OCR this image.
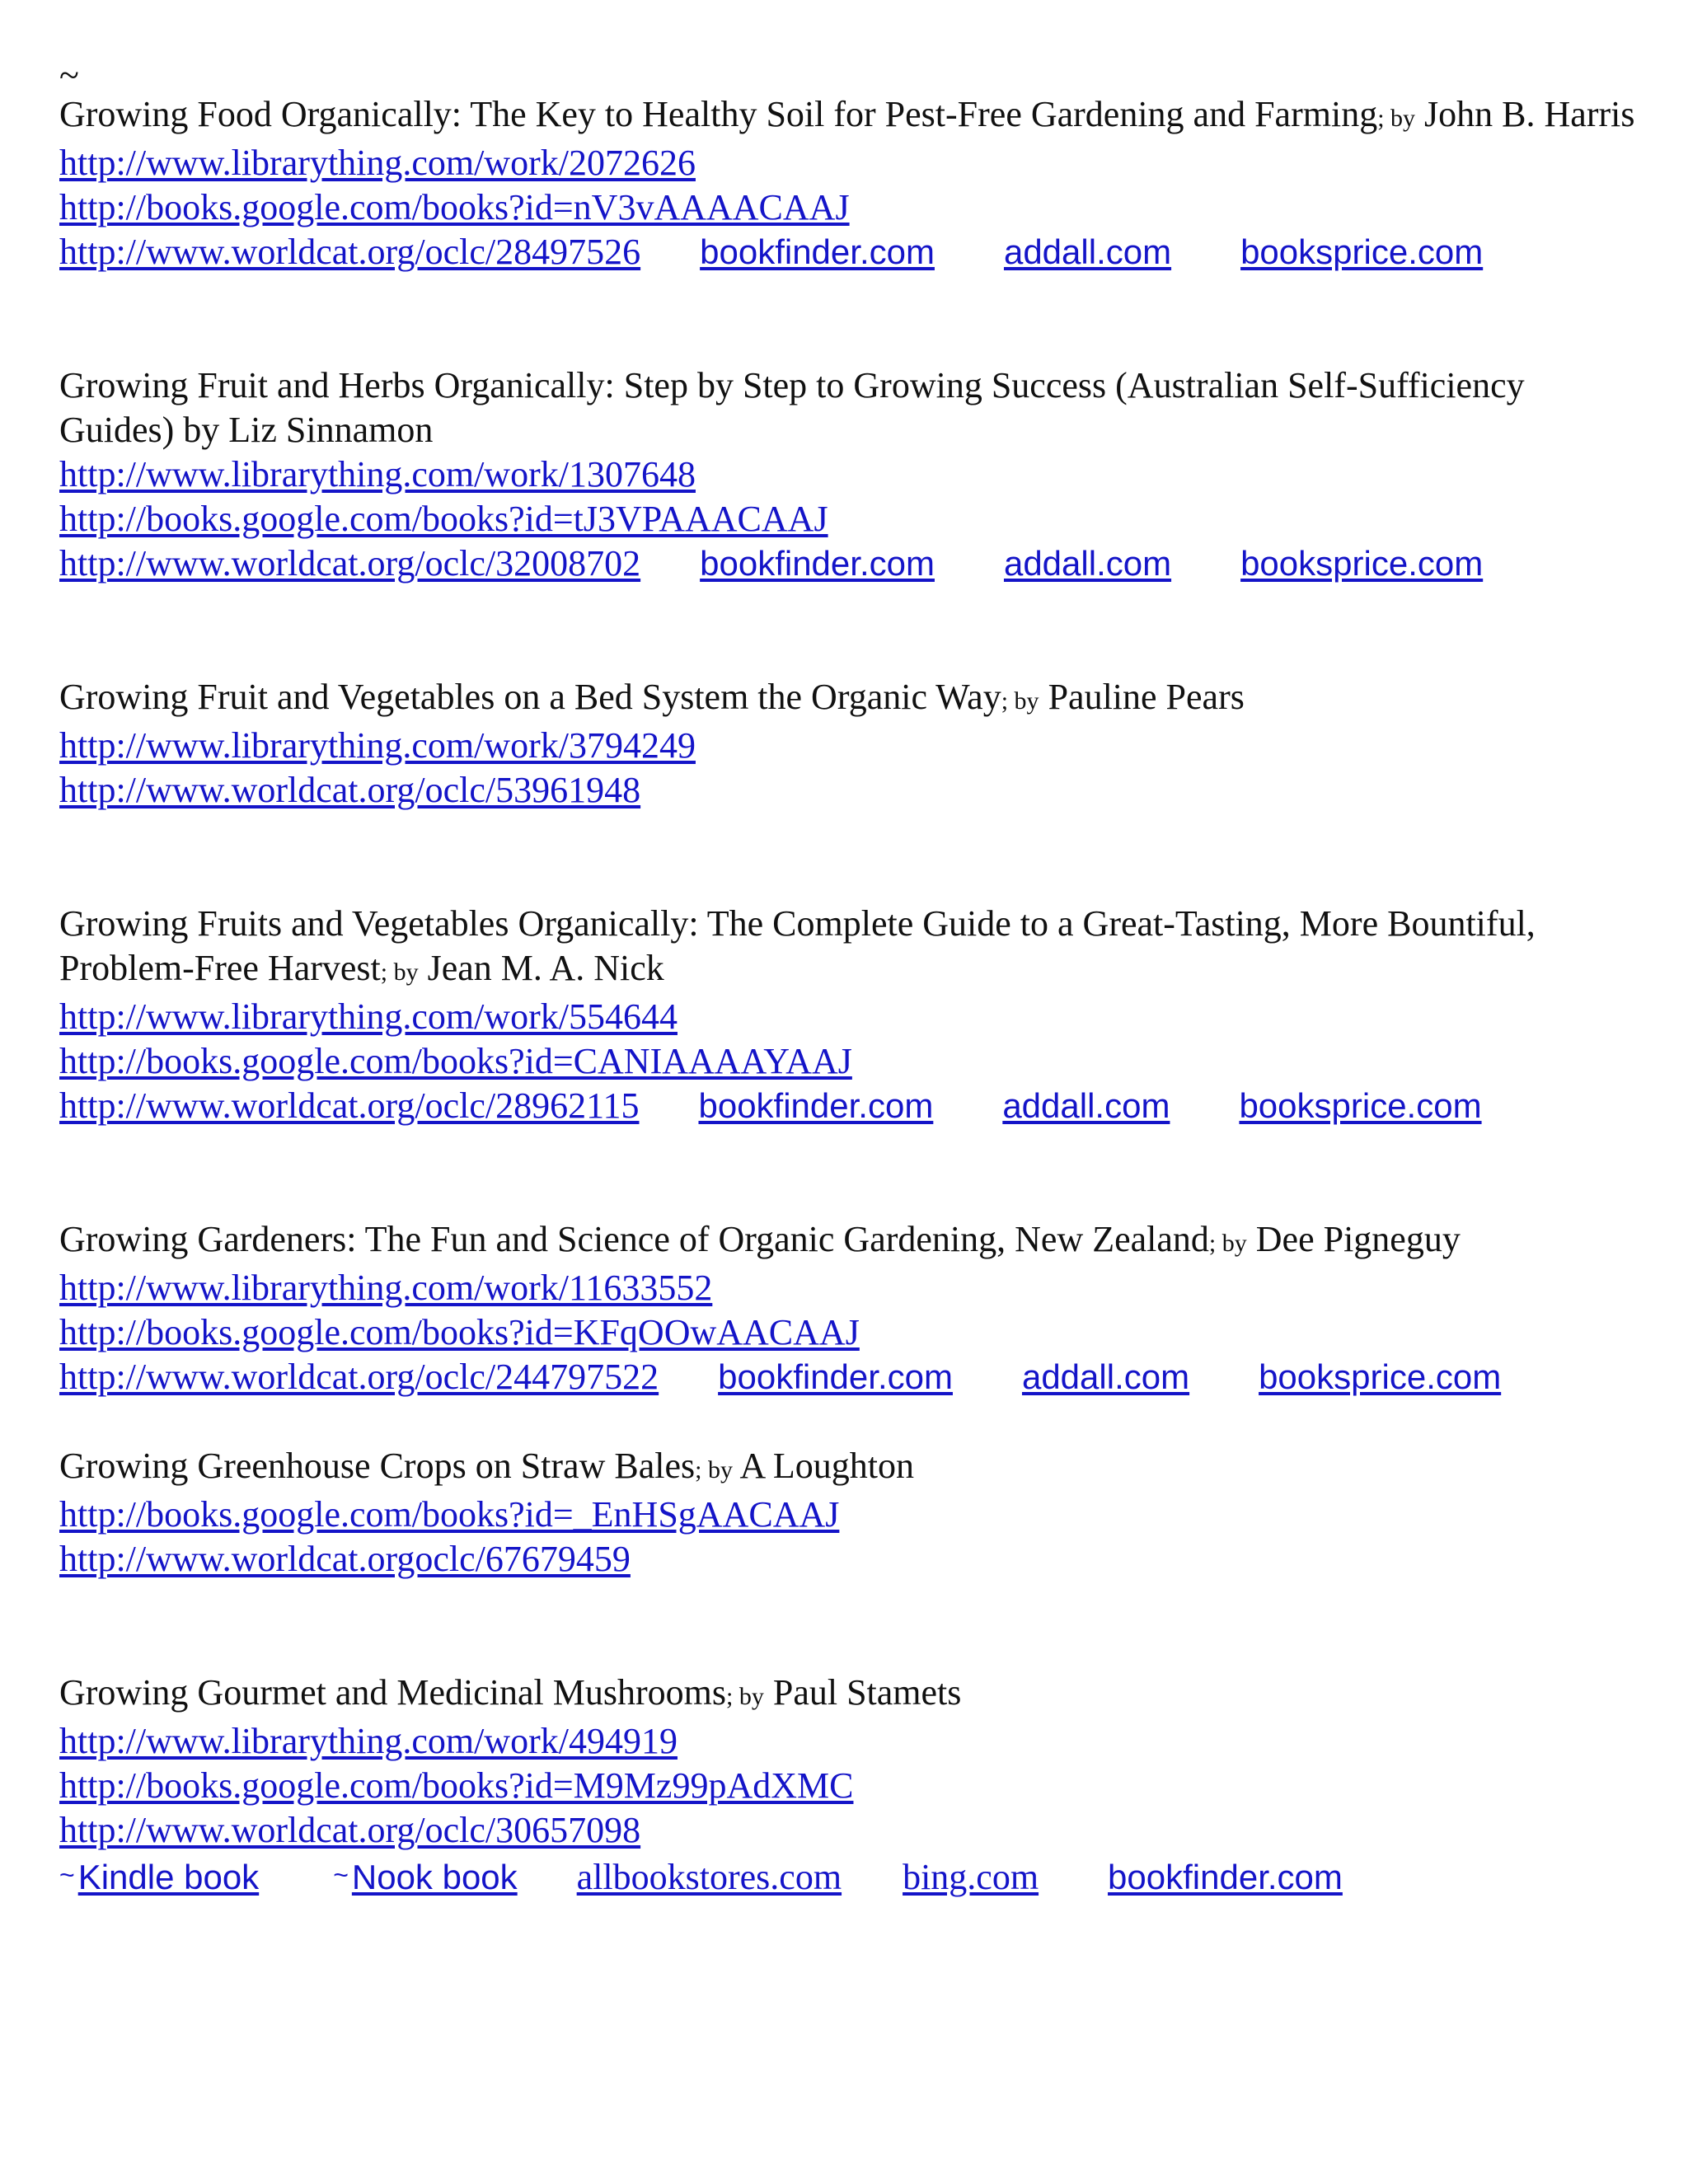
~
Growing Food Organically: The Key to Healthy Soil for Pest-Free Gardening and Farming; by John B. Harris
http://www.librarything.com/work/2072626
http://books.google.com/books?id=nV3vAAAACAAJ
http://www.worldcat.org/oclc/28497526 bookfinder.com addall.com booksprice.com
Growing Fruit and Herbs Organically: Step by Step to Growing Success (Australian Self-Sufficiency Guides) by Liz Sinnamon
http://www.librarything.com/work/1307648
http://books.google.com/books?id=tJ3VPAAACAAJ
http://www.worldcat.org/oclc/32008702 bookfinder.com addall.com booksprice.com
Growing Fruit and Vegetables on a Bed System the Organic Way; by Pauline Pears
http://www.librarything.com/work/3794249
http://www.worldcat.org/oclc/53961948
Growing Fruits and Vegetables Organically: The Complete Guide to a Great-Tasting, More Bountiful, Problem-Free Harvest; by Jean M. A. Nick
http://www.librarything.com/work/554644
http://books.google.com/books?id=CANIAAAAYAAJ
http://www.worldcat.org/oclc/28962115 bookfinder.com addall.com booksprice.com
Growing Gardeners: The Fun and Science of Organic Gardening, New Zealand; by Dee Pigneguy
http://www.librarything.com/work/11633552
http://books.google.com/books?id=KFqOOwAACAAJ
http://www.worldcat.org/oclc/244797522 bookfinder.com addall.com booksprice.com
Growing Greenhouse Crops on Straw Bales; by A Loughton
http://books.google.com/books?id=_EnHSgAACAAJ
http://www.worldcat.orgoclc/67679459
Growing Gourmet and Medicinal Mushrooms; by Paul Stamets
http://www.librarything.com/work/494919
http://books.google.com/books?id=M9Mz99pAdXMC
http://www.worldcat.org/oclc/30657098
~Kindle book	~Nook book allbookstores.com bing.com bookfinder.com
